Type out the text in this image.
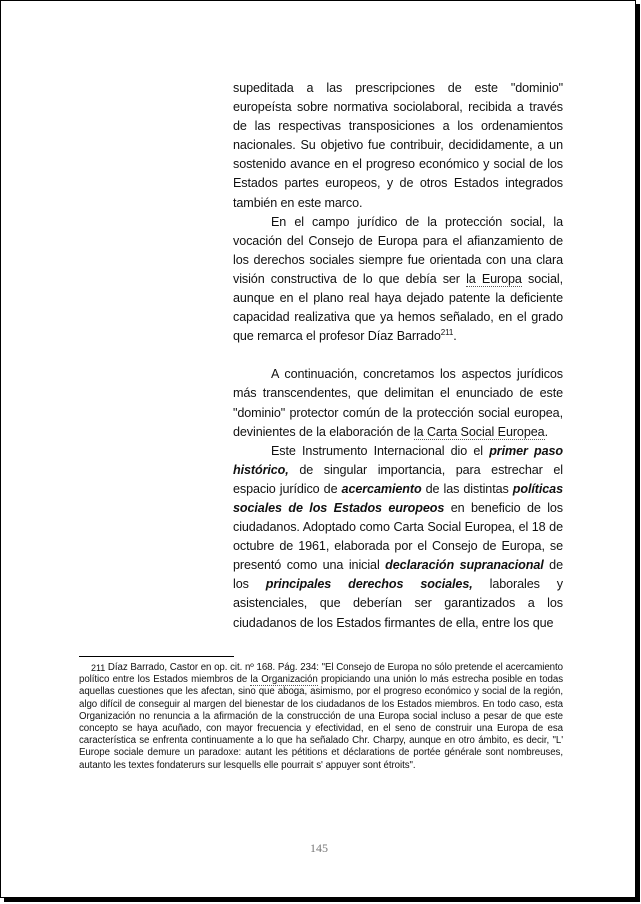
supeditada a las prescripciones de este "dominio" europeísta sobre normativa sociolaboral, recibida a través de las respectivas transposiciones a los ordenamientos nacionales. Su objetivo fue contribuir, decididamente, a un sostenido avance en el progreso económico y social de los Estados partes europeos, y de otros Estados integrados también en este marco.

En el campo jurídico de la protección social, la vocación del Consejo de Europa para el afianzamiento de los derechos sociales siempre fue orientada con una clara visión constructiva de lo que debía ser la Europa social, aunque en el plano real haya dejado patente la deficiente capacidad realizativa que ya hemos señalado, en el grado que remarca el profesor Díaz Barrado$^{211}$.

A continuación, concretamos los aspectos jurídicos más transcendentes, que delimitan el enunciado de este "dominio" protector común de la protección social europea, devinientes de la elaboración de la Carta Social Europea.

Este Instrumento Internacional dio el primer paso histórico, de singular importancia, para estrechar el espacio jurídico de acercamiento de las distintas políticas sociales de los Estados europeos en beneficio de los ciudadanos. Adoptado como Carta Social Europea, el 18 de octubre de 1961, elaborada por el Consejo de Europa, se presentó como una inicial declaración supranacional de los principales derechos sociales, laborales y asistenciales, que deberían ser garantizados a los ciudadanos de los Estados firmantes de ella, entre los que

211 Díaz Barrado, Castor en op. cit. nº 168. Pág. 234: "El Consejo de Europa no sólo pretende el acercamiento político entre los Estados miembros de la Organización propiciando una unión lo más estrecha posible en todas aquellas cuestiones que les afectan, sino que aboga, asimismo, por el progreso económico y social de la región, algo difícil de conseguir al margen del bienestar de los ciudadanos de los Estados miembros. En todo caso, esta Organización no renuncia a la afirmación de la construcción de una Europa social incluso a pesar de que este concepto se haya acuñado, con mayor frecuencia y efectividad, en el seno de construir una Europa de esa característica se enfrenta continuamente a lo que ha señalado Chr. Charpy, aunque en otro ámbito, es decir, "L' Europe sociale demure un paradoxe: autant les pétitions et déclarations de portée générale sont nombreuses, autanto les textes fondaterurs sur lesquells elle pourrait s' appuyer sont étroits".
145
